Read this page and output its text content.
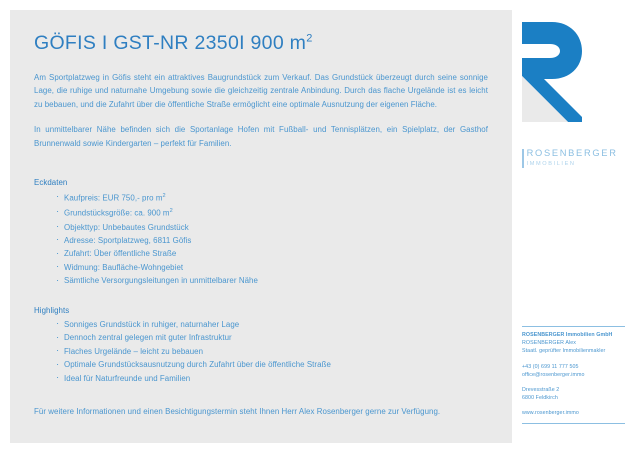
GÖFIS I GST-NR 2350I 900 $m^2$

Am Sportplatzweg in Göfis steht ein attraktives Baugrundstück zum Verkauf. Das Grundstück überzeugt durch seine sonnige Lage, die ruhige und naturnahe Umgebung sowie die gleichzeitig zentrale Anbindung. Durch das flache Urgelände ist es leicht zu bebauen, und die Zufahrt über die öffentliche Straße ermöglicht eine optimale Ausnutzung der eigenen Fläche.

In unmittelbarer Nähe befinden sich die Sportanlage Hofen mit Fußball- und Tennisplätzen, ein Spielplatz, der Gasthof Brunnenwald sowie Kindergarten – perfekt für Familien.

Eckdaten
· Kaufpreis: EUR 750,- pro $m^2$
· Grundstücksgröße: ca. 900 $m^2$
· Objekttyp: Unbebautes Grundstück
· Adresse: Sportplatzweg, 6811 Göfis
· Zufahrt: Über öffentliche Straße
· Widmung: Baufläche-Wohngebiet
· Sämtliche Versorgungsleitungen in unmittelbarer Nähe
Highlights
· Sonniges Grundstück in ruhiger, naturnaher Lage
· Dennoch zentral gelegen mit guter Infrastruktur
· Flaches Urgelände – leicht zu bebauen
· Optimale Grundstücksausnutzung durch Zufahrt über die öffentliche Straße
· Ideal für Naturfreunde und Familien

Für weitere Informationen und einen Besichtigungstermin steht Ihnen Herr Alex Rosenberger gerne zur Verfügung.

ROSENBERGER
IMMOBILIEN
ROSENBERGER Immobilien GmbH
ROSENBERGER Alex
Staatl. geprüfter Immobilienmakler
+43 (0) 699 11 777 505
office@rosenberger.immo
Drevesstraße 2
6800 Feldkirch
www.rosenberger.immo
